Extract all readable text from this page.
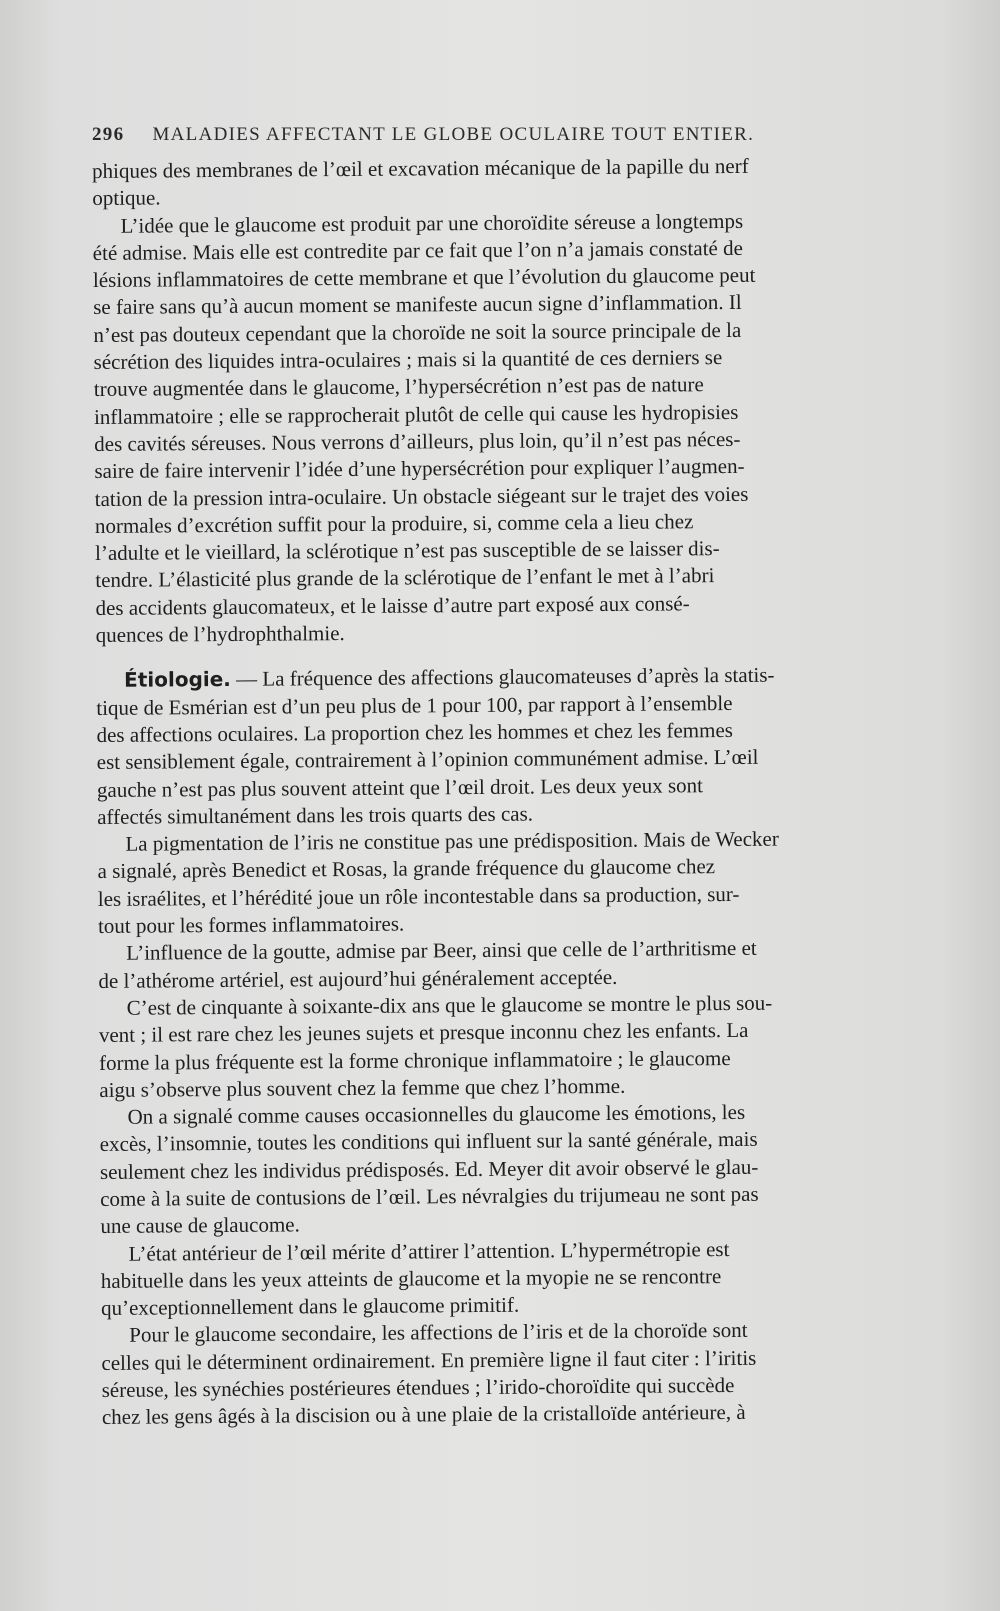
296 MALADIES AFFECTANT LE GLOBE OCULAIRE TOUT ENTIER.
phiques des membranes de l’œil et excavation mécanique de la papille du nerf
optique.
L’idée que le glaucome est produit par une choroïdite séreuse a longtemps
été admise. Mais elle est contredite par ce fait que l’on n’a jamais constaté de
lésions inflammatoires de cette membrane et que l’évolution du glaucome peut
se faire sans qu’à aucun moment se manifeste aucun signe d’inflammation. Il
n’est pas douteux cependant que la choroïde ne soit la source principale de la
sécrétion des liquides intra-oculaires ; mais si la quantité de ces derniers se
trouve augmentée dans le glaucome, l’hypersécrétion n’est pas de nature
inflammatoire ; elle se rapprocherait plutôt de celle qui cause les hydropisies
des cavités séreuses. Nous verrons d’ailleurs, plus loin, qu’il n’est pas néces-
saire de faire intervenir l’idée d’une hypersécrétion pour expliquer l’augmen-
tation de la pression intra-oculaire. Un obstacle siégeant sur le trajet des voies
normales d’excrétion suffit pour la produire, si, comme cela a lieu chez
l’adulte et le vieillard, la sclérotique n’est pas susceptible de se laisser dis-
tendre. L’élasticité plus grande de la sclérotique de l’enfant le met à l’abri
des accidents glaucomateux, et le laisse d’autre part exposé aux consé-
quences de l’hydrophthalmie.
Étiologie. — La fréquence des affections glaucomateuses d’après la statis-
tique de Esmérian est d’un peu plus de 1 pour 100, par rapport à l’ensemble
des affections oculaires. La proportion chez les hommes et chez les femmes
est sensiblement égale, contrairement à l’opinion communément admise. L’œil
gauche n’est pas plus souvent atteint que l’œil droit. Les deux yeux sont
affectés simultanément dans les trois quarts des cas.
La pigmentation de l’iris ne constitue pas une prédisposition. Mais de Wecker
a signalé, après Benedict et Rosas, la grande fréquence du glaucome chez
les israélites, et l’hérédité joue un rôle incontestable dans sa production, sur-
tout pour les formes inflammatoires.
L’influence de la goutte, admise par Beer, ainsi que celle de l’arthritisme et
de l’athérome artériel, est aujourd’hui généralement acceptée.
C’est de cinquante à soixante-dix ans que le glaucome se montre le plus sou-
vent ; il est rare chez les jeunes sujets et presque inconnu chez les enfants. La
forme la plus fréquente est la forme chronique inflammatoire ; le glaucome
aigu s’observe plus souvent chez la femme que chez l’homme.
On a signalé comme causes occasionnelles du glaucome les émotions, les
excès, l’insomnie, toutes les conditions qui influent sur la santé générale, mais
seulement chez les individus prédisposés. Ed. Meyer dit avoir observé le glau-
come à la suite de contusions de l’œil. Les névralgies du trijumeau ne sont pas
une cause de glaucome.
L’état antérieur de l’œil mérite d’attirer l’attention. L’hypermétropie est
habituelle dans les yeux atteints de glaucome et la myopie ne se rencontre
qu’exceptionnellement dans le glaucome primitif.
Pour le glaucome secondaire, les affections de l’iris et de la choroïde sont
celles qui le déterminent ordinairement. En première ligne il faut citer : l’iritis
séreuse, les synéchies postérieures étendues ; l’irido-choroïdite qui succède
chez les gens âgés à la discision ou à une plaie de la cristalloïde antérieure, à
